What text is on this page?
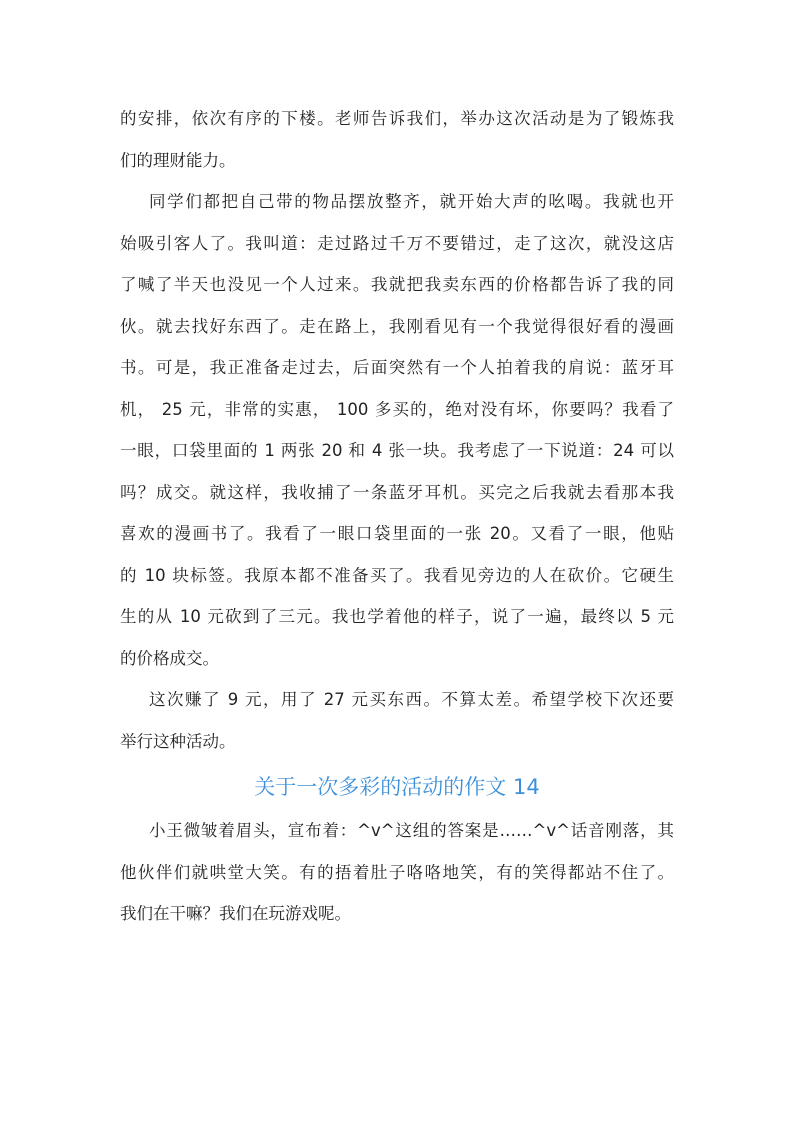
的安排，依次有序的下楼。老师告诉我们，举办这次活动是为了锻炼我
们的理财能力。
同学们都把自己带的物品摆放整齐，就开始大声的吆喝。我就也开
始吸引客人了。我叫道：走过路过千万不要错过，走了这次，就没这店
了喊了半天也没见一个人过来。我就把我卖东西的价格都告诉了我的同
伙。就去找好东西了。走在路上，我刚看见有一个我觉得很好看的漫画
书。可是，我正准备走过去，后面突然有一个人拍着我的肩说：蓝牙耳
机， 25 元，非常的实惠， 100 多买的，绝对没有坏，你要吗？我看了
一眼，口袋里面的 1 两张 20 和 4 张一块。我考虑了一下说道：24 可以
吗？成交。就这样，我收捕了一条蓝牙耳机。买完之后我就去看那本我
喜欢的漫画书了。我看了一眼口袋里面的一张 20。又看了一眼，他贴
的 10 块标签。我原本都不准备买了。我看见旁边的人在砍价。它硬生
生的从 10 元砍到了三元。我也学着他的样子，说了一遍，最终以 5 元
的价格成交。
这次赚了 9 元，用了 27 元买东西。不算太差。希望学校下次还要
举行这种活动。
关于一次多彩的活动的作文 14
小王微皱着眉头，宣布着：^v^这组的答案是……^v^话音刚落，其
他伙伴们就哄堂大笑。有的捂着肚子咯咯地笑，有的笑得都站不住了。
我们在干嘛？我们在玩游戏呢。
